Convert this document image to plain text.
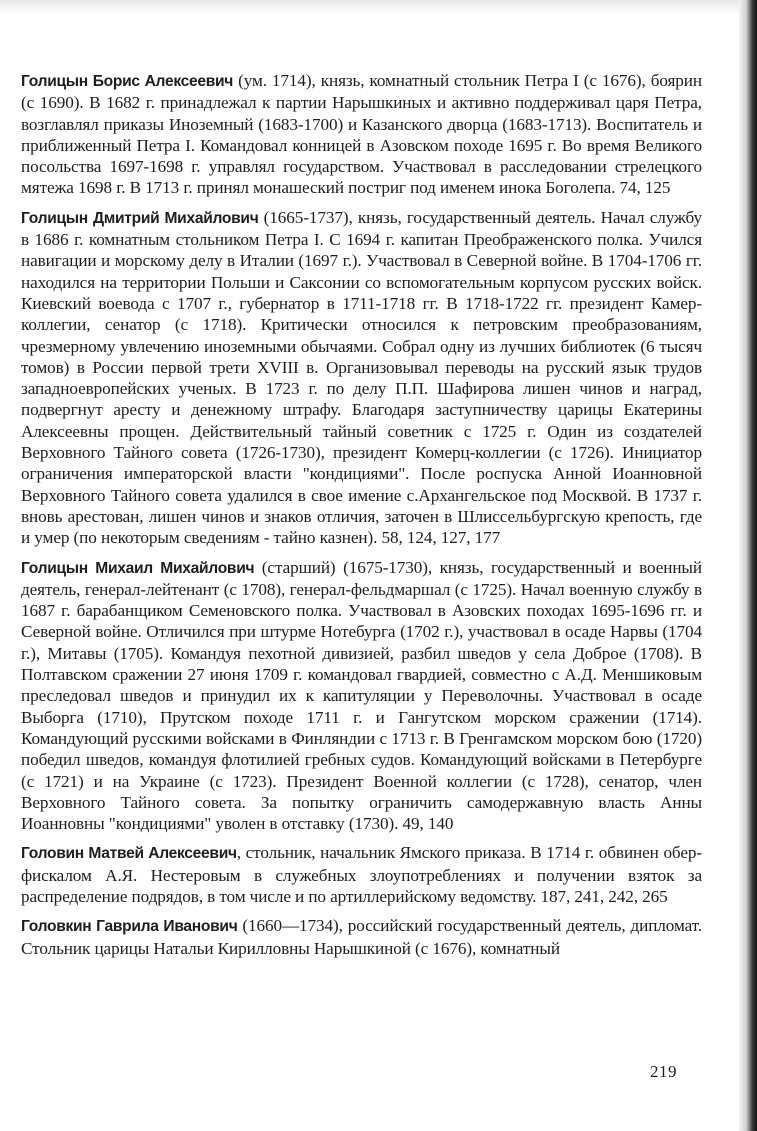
Голицын Борис Алексеевич (ум. 1714), князь, комнатный стольник Петра I (с 1676), боярин (с 1690). В 1682 г. принадлежал к партии Нарышкиных и активно поддерживал царя Петра, возглавлял приказы Иноземный (1683-1700) и Казанского дворца (1683-1713). Воспитатель и приближенный Петра I. Командовал конницей в Азовском походе 1695 г. Во время Великого посольства 1697-1698 г. управлял государством. Участвовал в расследовании стрелецкого мятежа 1698 г. В 1713 г. принял монашеский постриг под именем инока Боголепа. 74, 125

Голицын Дмитрий Михайлович (1665-1737), князь, государственный деятель. Начал службу в 1686 г. комнатным стольником Петра I. С 1694 г. капитан Преображенского полка. Учился навигации и морскому делу в Италии (1697 г.). Участвовал в Северной войне. В 1704-1706 гг. находился на территории Польши и Саксонии со вспомогательным корпусом русских войск. Киевский воевода с 1707 г., губернатор в 1711-1718 гг. В 1718-1722 гг. президент Камер-коллегии, сенатор (с 1718). Критически относился к петровским преобразованиям, чрезмерному увлечению иноземными обычаями. Собрал одну из лучших библиотек (6 тысяч томов) в России первой трети XVIII в. Организовывал переводы на русский язык трудов западноевропейских ученых. В 1723 г. по делу П.П. Шафирова лишен чинов и наград, подвергнут аресту и денежному штрафу. Благодаря заступничеству царицы Екатерины Алексеевны прощен. Действительный тайный советник с 1725 г. Один из создателей Верховного Тайного совета (1726-1730), президент Комерц-коллегии (с 1726). Инициатор ограничения императорской власти "кондициями". После роспуска Анной Иоанновной Верховного Тайного совета удалился в свое имение с.Архангельское под Москвой. В 1737 г. вновь арестован, лишен чинов и знаков отличия, заточен в Шлиссельбургскую крепость, где и умер (по некоторым сведениям - тайно казнен). 58, 124, 127, 177

Голицын Михаил Михайлович (старший) (1675-1730), князь, государственный и военный деятель, генерал-лейтенант (с 1708), генерал-фельдмаршал (с 1725). Начал военную службу в 1687 г. барабанщиком Семеновского полка. Участвовал в Азовских походах 1695-1696 гг. и Северной войне. Отличился при штурме Нотебурга (1702 г.), участвовал в осаде Нарвы (1704 г.), Митавы (1705). Командуя пехотной дивизией, разбил шведов у села Доброе (1708). В Полтавском сражении 27 июня 1709 г. командовал гвардией, совместно с А.Д. Меншиковым преследовал шведов и принудил их к капитуляции у Переволочны. Участвовал в осаде Выборга (1710), Прутском походе 1711 г. и Гангутском морском сражении (1714). Командующий русскими войсками в Финляндии с 1713 г. В Гренгамском морском бою (1720) победил шведов, командуя флотилией гребных судов. Командующий войсками в Петербурге (с 1721) и на Украине (с 1723). Президент Военной коллегии (с 1728), сенатор, член Верховного Тайного совета. За попытку ограничить самодержавную власть Анны Иоанновны "кондициями" уволен в отставку (1730). 49, 140

Головин Матвей Алексеевич, стольник, начальник Ямского приказа. В 1714 г. обвинен обер-фискалом А.Я. Нестеровым в служебных злоупотреблениях и получении взяток за распределение подрядов, в том числе и по артиллерийскому ведомству. 187, 241, 242, 265

Головкин Гаврила Иванович (1660—1734), российский государственный деятель, дипломат. Стольник царицы Натальи Кирилловны Нарышкиной (с 1676), комнатный

219
